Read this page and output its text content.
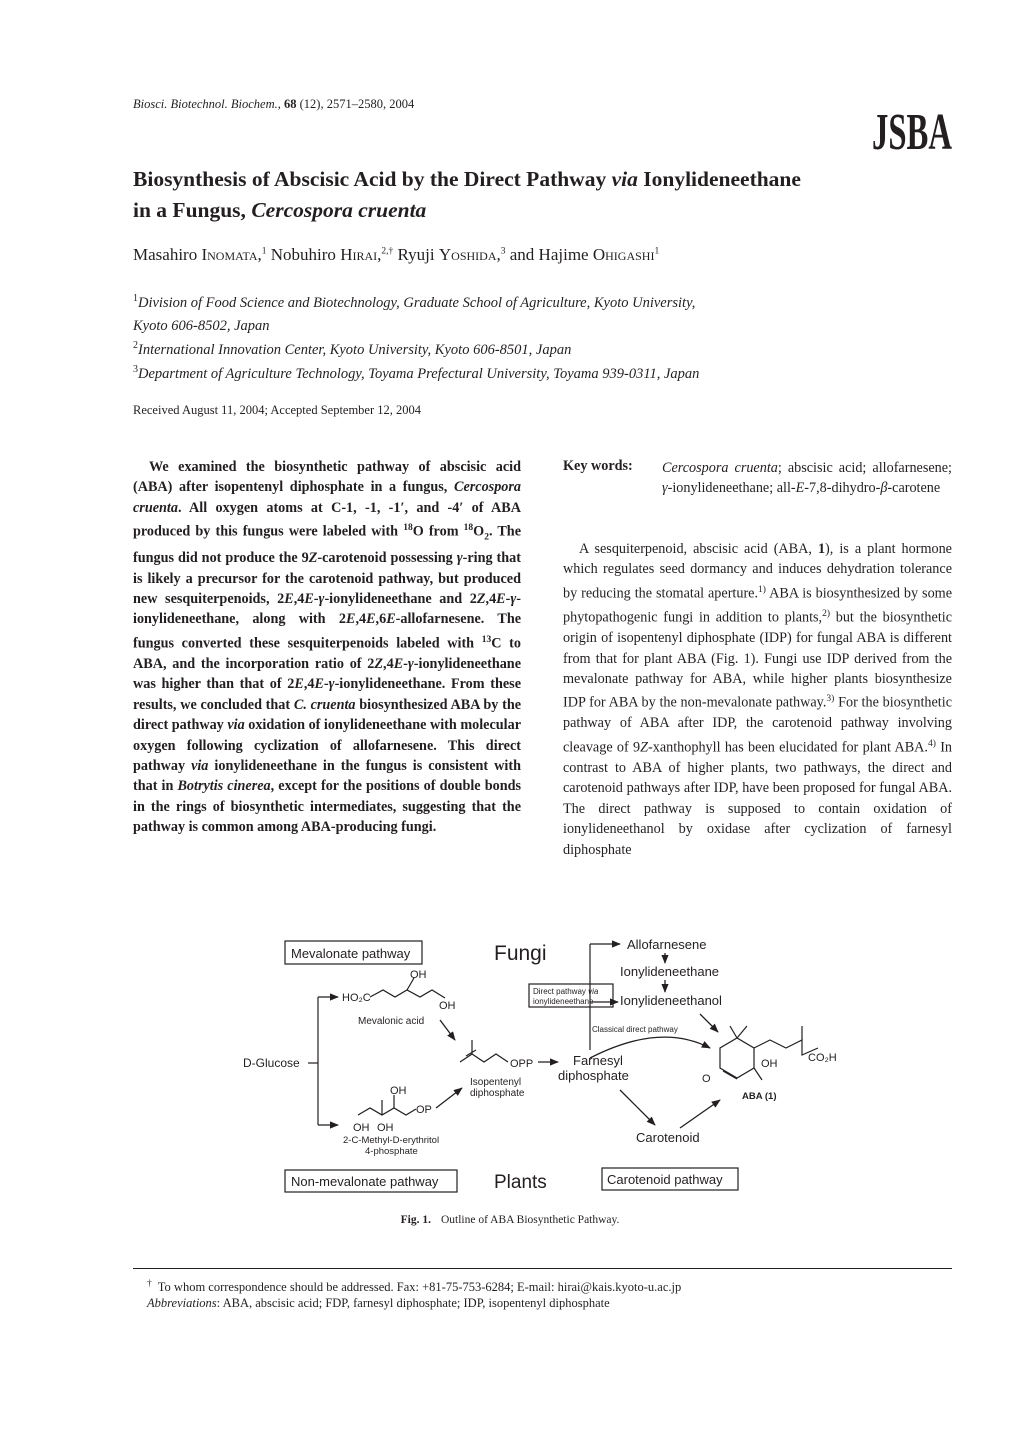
Biosci. Biotechnol. Biochem., 68 (12), 2571–2580, 2004	JSBA
Biosynthesis of Abscisic Acid by the Direct Pathway via Ionylideneethane
in a Fungus, Cercospora cruenta
Masahiro Inomata,$^1$ Nobuhiro Hirai,$^{2,\dagger}$ Ryuji Yoshida,$^3$ and Hajime Ohigashi$^1$
$^1$Division of Food Science and Biotechnology, Graduate School of Agriculture, Kyoto University,
Kyoto 606-8502, Japan
$^2$International Innovation Center, Kyoto University, Kyoto 606-8501, Japan
$^3$Department of Agriculture Technology, Toyama Prefectural University, Toyama 939-0311, Japan
Received August 11, 2004; Accepted September 12, 2004
We examined the biosynthetic pathway of abscisic acid (ABA) after isopentenyl diphosphate in a fungus, Cercospora cruenta. All oxygen atoms at C-1, -1, -1′, and -4′ of ABA produced by this fungus were labeled with $^{18}$O from $^{18}O_2$. The fungus did not produce the 9Z-carotenoid possessing γ-ring that is likely a precursor for the carotenoid pathway, but produced new sesquiterpenoids, 2E,4E-γ-ionylideneethane and 2Z,4E-γ-ionylideneethane, along with 2E,4E,6E-allofarnesene. The fungus converted these sesquiterpenoids labeled with $^{13}$C to ABA, and the incorporation ratio of 2Z,4E-γ-ionylideneethane was higher than that of 2E,4E-γ-ionylideneethane. From these results, we concluded that C. cruenta biosynthesized ABA by the direct pathway via oxidation of ionylideneethane with molecular oxygen following cyclization of allofarnesene. This direct pathway via ionylideneethane in the fungus is consistent with that in Botrytis cinerea, except for the positions of double bonds in the rings of biosynthetic intermediates, suggesting that the pathway is common among ABA-producing fungi.
Key words: Cercospora cruenta; abscisic acid; allofarnesene; γ-ionylideneethane; all-E-7,8-dihydro-β-carotene
A sesquiterpenoid, abscisic acid (ABA, 1), is a plant hormone which regulates seed dormancy and induces dehydration tolerance by reducing the stomatal aperture.$^{1)}$ ABA is biosynthesized by some phytopathogenic fungi in addition to plants,$^{2)}$ but the biosynthetic origin of isopentenyl diphosphate (IDP) for fungal ABA is different from that for plant ABA (Fig. 1). Fungi use IDP derived from the mevalonate pathway for ABA, while higher plants biosynthesize IDP for ABA by the non-mevalonate pathway.$^{3)}$ For the biosynthetic pathway of ABA after IDP, the carotenoid pathway involving cleavage of 9Z-xanthophyll has been elucidated for plant ABA.$^{4)}$ In contrast to ABA of higher plants, two pathways, the direct and carotenoid pathways after IDP, have been proposed for fungal ABA. The direct pathway is supposed to contain oxidation of ionylideneethanol by oxidase after cyclization of farnesyl diphosphate
Mevalonate pathway	Fungi	Allofarnesene
Ionylideneethane
Ionylideneethanol
Direct pathway via
ionylideneethane
Classical direct pathway
HO₂C
OH
OH
Mevalonic acid
D-Glucose	OPP
Isopentenyl
diphosphate
Farnesyl
diphosphate
OH
OP
OH OH
2-C-Methyl-D-erythritol
4-phosphate
O
OH	CO₂H
ABA (1)
Carotenoid
Non-mevalonate pathway	Plants	Carotenoid pathway
Fig. 1. Outline of ABA Biosynthetic Pathway.
† To whom correspondence should be addressed. Fax: +81-75-753-6284; E-mail: hirai@kais.kyoto-u.ac.jp
Abbreviations: ABA, abscisic acid; FDP, farnesyl diphosphate; IDP, isopentenyl diphosphate
